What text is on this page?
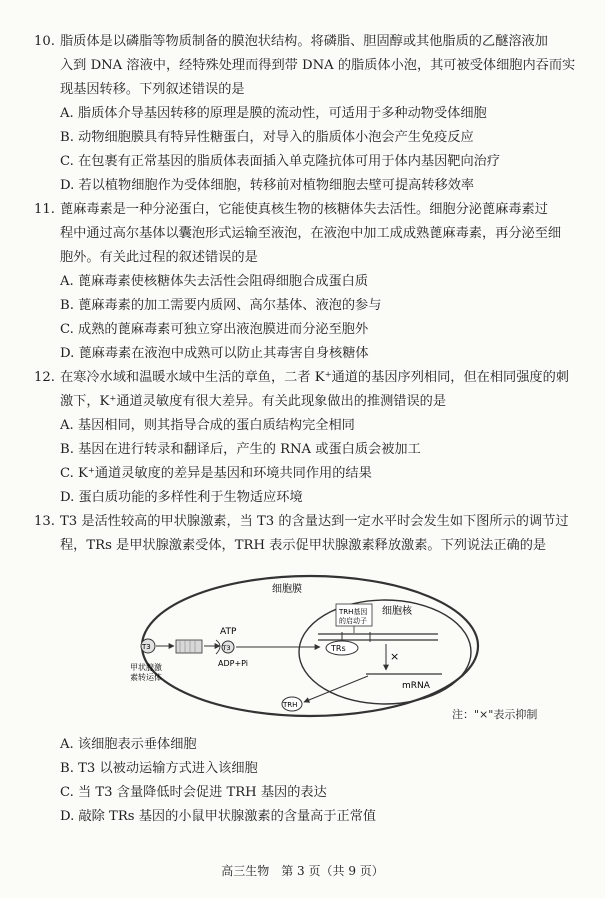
10. 脂质体是以磷脂等物质制备的膜泡状结构。将磷脂、胆固醇或其他脂质的乙醚溶液加
入到 DNA 溶液中，经特殊处理而得到带 DNA 的脂质体小泡，其可被受体细胞内吞而实
现基因转移。下列叙述错误的是
A. 脂质体介导基因转移的原理是膜的流动性，可适用于多种动物受体细胞
B. 动物细胞膜具有特异性糖蛋白，对导入的脂质体小泡会产生免疫反应
C. 在包裹有正常基因的脂质体表面插入单克隆抗体可用于体内基因靶向治疗
D. 若以植物细胞作为受体细胞，转移前对植物细胞去壁可提高转移效率
11. 蓖麻毒素是一种分泌蛋白，它能使真核生物的核糖体失去活性。细胞分泌蓖麻毒素过
程中通过高尔基体以囊泡形式运输至液泡，在液泡中加工成成熟蓖麻毒素，再分泌至细
胞外。有关此过程的叙述错误的是
A. 蓖麻毒素使核糖体失去活性会阻碍细胞合成蛋白质
B. 蓖麻毒素的加工需要内质网、高尔基体、液泡的参与
C. 成熟的蓖麻毒素可独立穿出液泡膜进而分泌至胞外
D. 蓖麻毒素在液泡中成熟可以防止其毒害自身核糖体
12. 在寒冷水域和温暖水域中生活的章鱼，二者 K⁺通道的基因序列相同，但在相同强度的刺
激下，K⁺通道灵敏度有很大差异。有关此现象做出的推测错误的是
A. 基因相同，则其指导合成的蛋白质结构完全相同
B. 基因在进行转录和翻译后，产生的 RNA 或蛋白质会被加工
C. K⁺通道灵敏度的差异是基因和环境共同作用的结果
D. 蛋白质功能的多样性利于生物适应环境
13. T3 是活性较高的甲状腺激素，当 T3 的含量达到一定水平时会发生如下图所示的调节过
程，TRs 是甲状腺激素受体，TRH 表示促甲状腺激素释放激素。下列说法正确的是
细胞膜
细胞核
TRH基因
的启动子
TRs
×
mRNA
TRH
T3
甲状腺激
素转运体
ATP
ADP+Pi
T3
注："×"表示抑制
A. 该细胞表示垂体细胞
B. T3 以被动运输方式进入该细胞
C. 当 T3 含量降低时会促进 TRH 基因的表达
D. 敲除 TRs 基因的小鼠甲状腺激素的含量高于正常值
高三生物　第 3 页（共 9 页）
